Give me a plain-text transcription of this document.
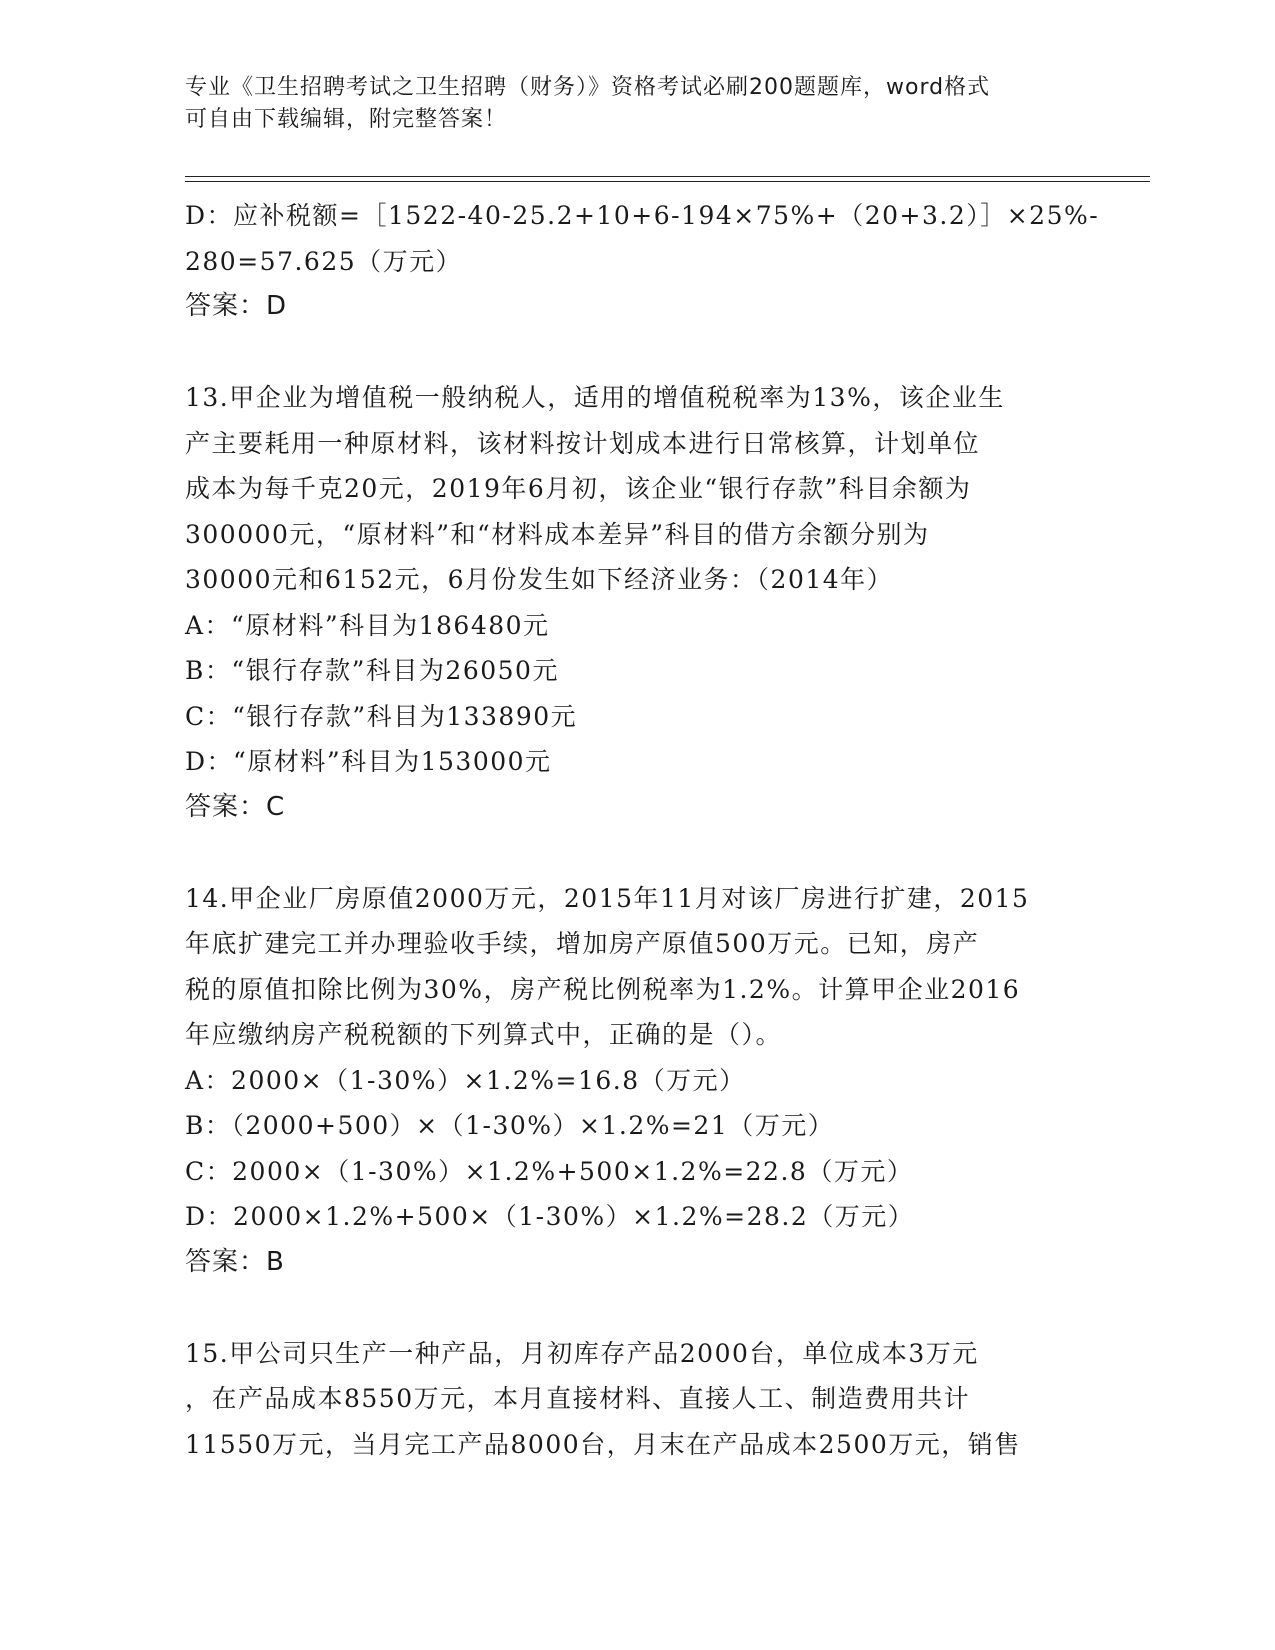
专业《卫生招聘考试之卫生招聘（财务）》资格考试必刷200题题库，word格式
可自由下载编辑，附完整答案！
D：应补税额=［1522-40-25.2+10+6-194×75%+（20+3.2）］×25%-
280=57.625（万元）
答案：D
13.甲企业为增值税一般纳税人，适用的增值税税率为13%，该企业生
产主要耗用一种原材料，该材料按计划成本进行日常核算，计划单位
成本为每千克20元，2019年6月初，该企业“银行存款”科目余额为
300000元，“原材料”和“材料成本差异”科目的借方余额分别为
30000元和6152元，6月份发生如下经济业务：（2014年）
A：“原材料”科目为186480元
B：“银行存款”科目为26050元
C：“银行存款”科目为133890元
D：“原材料”科目为153000元
答案：C
14.甲企业厂房原值2000万元，2015年11月对该厂房进行扩建，2015
年底扩建完工并办理验收手续，增加房产原值500万元。已知，房产
税的原值扣除比例为30%，房产税比例税率为1.2%。计算甲企业2016
年应缴纳房产税税额的下列算式中，正确的是（）。
A：2000×（1-30%）×1.2%=16.8（万元）
B：（2000+500）×（1-30%）×1.2%=21（万元）
C：2000×（1-30%）×1.2%+500×1.2%=22.8（万元）
D：2000×1.2%+500×（1-30%）×1.2%=28.2（万元）
答案：B
15.甲公司只生产一种产品，月初库存产品2000台，单位成本3万元
，在产品成本8550万元，本月直接材料、直接人工、制造费用共计
11550万元，当月完工产品8000台，月末在产品成本2500万元，销售
